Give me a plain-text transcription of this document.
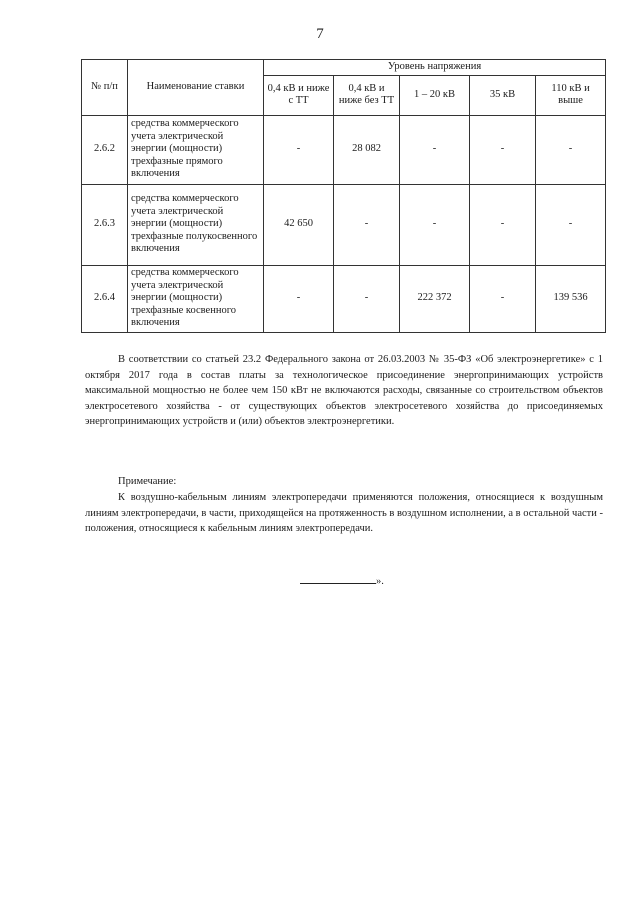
7
№ п/п	Наименование ставки	Уровень напряжения				
		0,4 кВ и ниже с ТТ	0,4 кВ и ниже без ТТ	1 – 20 кВ	35 кВ	110 кВ и выше
2.6.2	средства коммерческого учета электрической энергии (мощности) трехфазные прямого включения	-	28 082	-	-	-
2.6.3	средства коммерческого учета электрической энергии (мощности) трехфазные полукосвенного включения	42 650	-	-	-	-
2.6.4	средства коммерческого учета электрической энергии (мощности) трехфазные косвенного включения	-	-	222 372	-	139 536

В соответствии со статьей 23.2 Федерального закона от 26.03.2003 № 35-ФЗ «Об электроэнергетике» с 1 октября 2017 года в состав платы за технологическое присоединение энергопринимающих устройств максимальной мощностью не более чем 150 кВт не включаются расходы, связанные со строительством объектов электросетевого хозяйства - от существующих объектов электросетевого хозяйства до присоединяемых энергопринимающих устройств и (или) объектов электроэнергетики.

Примечание:

К воздушно-кабельным линиям электропередачи применяются положения, относящиеся к воздушным линиям электропередачи, в части, приходящейся на протяженность в воздушном исполнении, а в остальной части - положения, относящиеся к кабельным линиям электропередачи.

».
